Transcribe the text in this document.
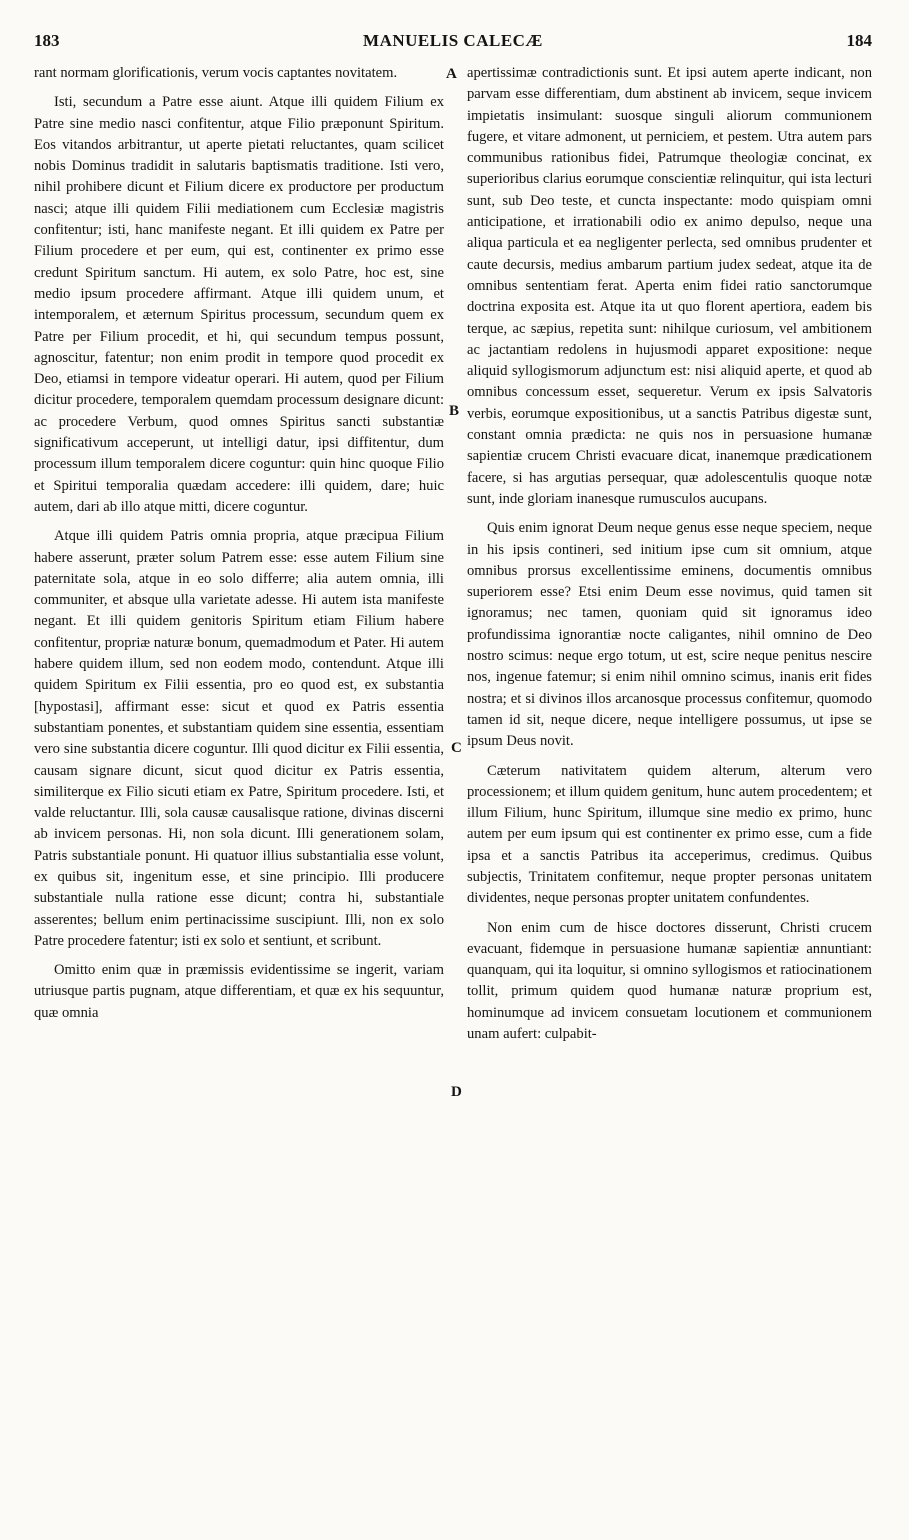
183	MANUELIS CALECÆ	184

rant normam glorificationis, verum vocis captantes novitatem.

Isti, secundum a Patre esse aiunt. Atque illi quidem Filium ex Patre sine medio nasci confitentur, atque Filio præponunt Spiritum. Eos vitandos arbitrantur, ut aperte pietati reluctantes, quam scilicet nobis Dominus tradidit in salutaris baptismatis traditione. Isti vero, nihil prohibere dicunt et Filium dicere ex productore per productum nasci; atque illi quidem Filii mediationem cum Ecclesiæ magistris confitentur; isti, hanc manifeste negant. Et illi quidem ex Patre per Filium procedere et per eum, qui est, continenter ex primo esse credunt Spiritum sanctum. Hi autem, ex solo Patre, hoc est, sine medio ipsum procedere affirmant. Atque illi quidem unum, et intemporalem, et æternum Spiritus processum, secundum quem ex Patre per Filium procedit, et hi, qui secundum tempus possunt, agnoscitur, fatentur; non enim prodit in tempore quod procedit ex Deo, etiamsi in tempore videatur operari. Hi autem, quod per Filium dicitur procedere, temporalem quemdam processum designare dicunt: ac procedere Verbum, quod omnes Spiritus sancti substantiæ significativum acceperunt, ut intelligi datur, ipsi diffitentur, dum processum illum temporalem dicere coguntur: quin hinc quoque Filio et Spiritui temporalia quædam accedere: illi quidem, dare; huic autem, dari ab illo atque mitti, dicere coguntur.

Atque illi quidem Patris omnia propria, atque præcipua Filium habere asserunt, præter solum Patrem esse: esse autem Filium sine paternitate sola, atque in eo solo differre; alia autem omnia, illi communiter, et absque ulla varietate adesse. Hi autem ista manifeste negant. Et illi quidem genitoris Spiritum etiam Filium habere confitentur, propriæ naturæ bonum, quemadmodum et Pater. Hi autem habere quidem illum, sed non eodem modo, contendunt. Atque illi quidem Spiritum ex Filii essentia, pro eo quod est, ex substantia [hypostasi], affirmant esse: sicut et quod ex Patris essentia substantiam ponentes, et substantiam quidem sine essentia, essentiam vero sine substantia dicere coguntur. Illi quod dicitur ex Filii essentia, causam signare dicunt, sicut quod dicitur ex Patris essentia, similiterque ex Filio sicuti etiam ex Patre, Spiritum procedere. Isti, et valde reluctantur. Illi, sola causæ causalisque ratione, divinas discerni ab invicem personas. Hi, non sola dicunt. Illi generationem solam, Patris substantiale ponunt. Hi quatuor illius substantialia esse volunt, ex quibus sit, ingenitum esse, et sine principio. Illi producere substantiale nulla ratione esse dicunt; contra hi, substantiale asserentes; bellum enim pertinacissime suscipiunt. Illi, non ex solo Patre procedere fatentur; isti ex solo et sentiunt, et scribunt.

Omitto enim quæ in præmissis evidentissime se ingerit, variam utriusque partis pugnam, atque differentiam, et quæ ex his sequuntur, quæ omnia

A
B
C
D

apertissimæ contradictionis sunt. Et ipsi autem aperte indicant, non parvam esse differentiam, dum abstinent ab invicem, seque invicem impietatis insimulant: suosque singuli aliorum communionem fugere, et vitare admonent, ut perniciem, et pestem. Utra autem pars communibus rationibus fidei, Patrumque theologiæ concinat, ex superioribus clarius eorumque conscientiæ relinquitur, qui ista lecturi sunt, sub Deo teste, et cuncta inspectante: modo quispiam omni anticipatione, et irrationabili odio ex animo depulso, neque una aliqua particula et ea negligenter perlecta, sed omnibus prudenter et caute decursis, medius ambarum partium judex sedeat, atque ita de omnibus sententiam ferat. Aperta enim fidei ratio sanctorumque doctrina exposita est. Atque ita ut quo florent apertiora, eadem bis terque, ac sæpius, repetita sunt: nihilque curiosum, vel ambitionem ac jactantiam redolens in hujusmodi apparet expositione: neque aliquid syllogismorum adjunctum est: nisi aliquid aperte, et quod ab omnibus concessum esset, sequeretur. Verum ex ipsis Salvatoris verbis, eorumque expositionibus, ut a sanctis Patribus digestæ sunt, constant omnia prædicta: ne quis nos in persuasione humanæ sapientiæ crucem Christi evacuare dicat, inanemque prædicationem facere, si has argutias persequar, quæ adolescentulis quoque notæ sunt, inde gloriam inanesque rumusculos aucupans.

Quis enim ignorat Deum neque genus esse neque speciem, neque in his ipsis contineri, sed initium ipse cum sit omnium, atque omnibus prorsus excellentissime eminens, documentis omnibus superiorem esse? Etsi enim Deum esse novimus, quid tamen sit ignoramus; nec tamen, quoniam quid sit ignoramus ideo profundissima ignorantiæ nocte caligantes, nihil omnino de Deo nostro scimus: neque ergo totum, ut est, scire neque penitus nescire nos, ingenue fatemur; si enim nihil omnino scimus, inanis erit fides nostra; et si divinos illos arcanosque processus confitemur, quomodo tamen id sit, neque dicere, neque intelligere possumus, ut ipse se ipsum Deus novit.

Cæterum nativitatem quidem alterum, alterum vero processionem; et illum quidem genitum, hunc autem procedentem; et illum Filium, hunc Spiritum, illumque sine medio ex primo, hunc autem per eum ipsum qui est continenter ex primo esse, cum a fide ipsa et a sanctis Patribus ita acceperimus, credimus. Quibus subjectis, Trinitatem confitemur, neque propter personas unitatem dividentes, neque personas propter unitatem confundentes.

Non enim cum de hisce doctores disserunt, Christi crucem evacuant, fidemque in persuasione humanæ sapientiæ annuntiant: quanquam, qui ita loquitur, si omnino syllogismos et ratiocinationem tollit, primum quidem quod humanæ naturæ proprium est, hominumque ad invicem consuetam locutionem et communionem unam aufert: culpabit-
